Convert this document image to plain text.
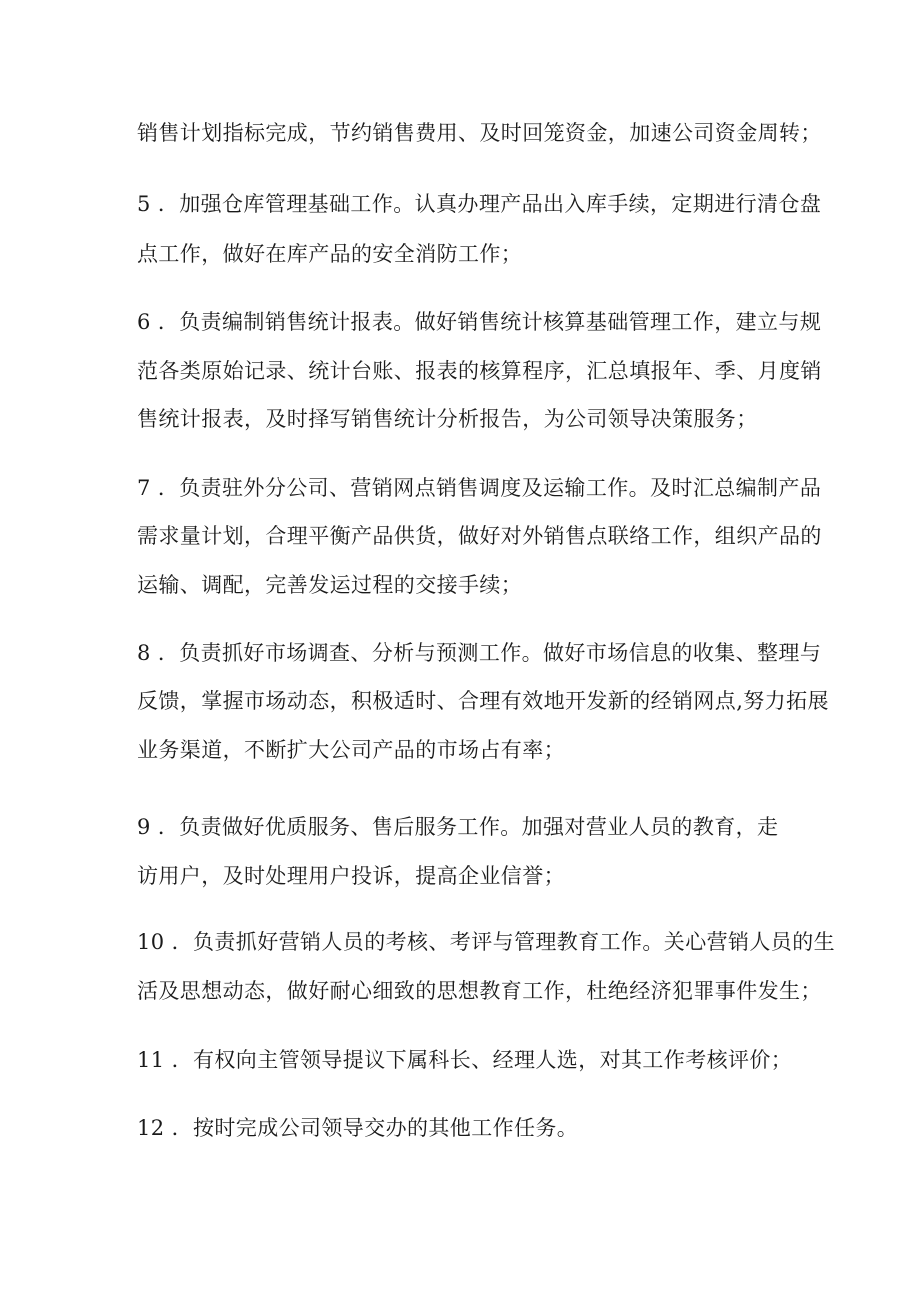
销售计划指标完成，节约销售费用、及时回笼资金，加速公司资金周转；
5 ．加强仓库管理基础工作。认真办理产品出入库手续，定期进行清仓盘
点工作，做好在库产品的安全消防工作；
6 ．负责编制销售统计报表。做好销售统计核算基础管理工作，建立与规
范各类原始记录、统计台账、报表的核算程序，汇总填报年、季、月度销
售统计报表，及时择写销售统计分析报告，为公司领导决策服务；
7 ．负责驻外分公司、营销网点销售调度及运输工作。及时汇总编制产品
需求量计划，合理平衡产品供货，做好对外销售点联络工作，组织产品的
运输、调配，完善发运过程的交接手续；
8 ．负责抓好市场调查、分析与预测工作。做好市场信息的收集、整理与
反馈，掌握市场动态，积极适时、合理有效地开发新的经销网点,努力拓展
业务渠道，不断扩大公司产品的市场占有率；
9 ．负责做好优质服务、售后服务工作。加强对营业人员的教育，走
访用户，及时处理用户投诉，提高企业信誉；
10 ．负责抓好营销人员的考核、考评与管理教育工作。关心营销人员的生
活及思想动态，做好耐心细致的思想教育工作，杜绝经济犯罪事件发生；
11 ．有权向主管领导提议下属科长、经理人选，对其工作考核评价；
12 ．按时完成公司领导交办的其他工作任务。
